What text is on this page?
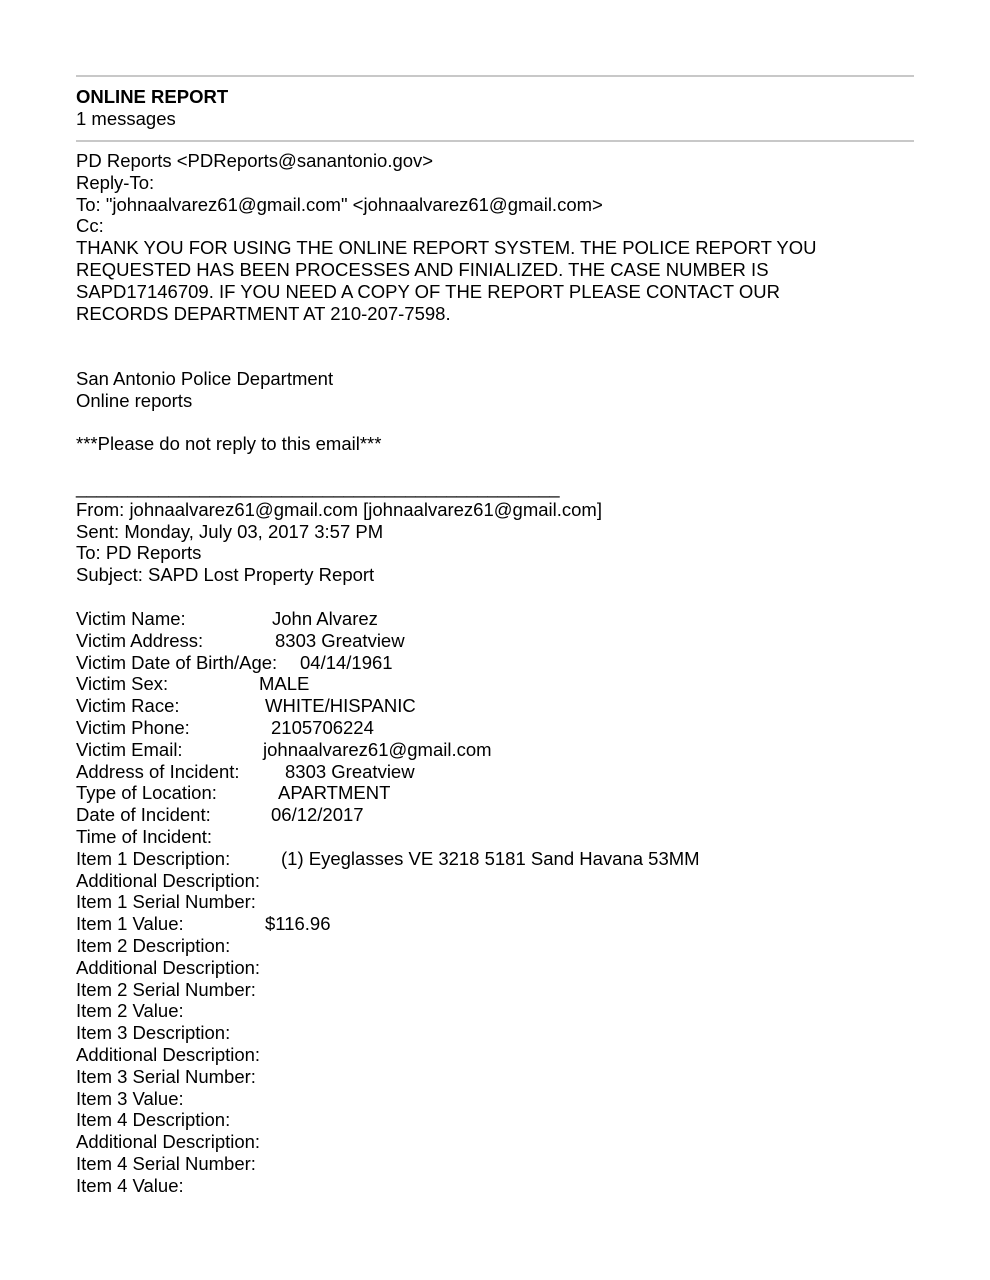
ONLINE REPORT
1 messages
PD Reports <PDReports@sanantonio.gov>
Reply-To:
To: "johnaalvarez61@gmail.com" <johnaalvarez61@gmail.com>
Cc:
THANK YOU FOR USING THE ONLINE REPORT SYSTEM. THE POLICE REPORT YOU
REQUESTED HAS BEEN PROCESSES AND FINIALIZED. THE CASE NUMBER IS
SAPD17146709. IF YOU NEED A COPY OF THE REPORT PLEASE CONTACT OUR
RECORDS DEPARTMENT AT 210-207-7598.
San Antonio Police Department
Online reports
***Please do not reply to this email***
_______________________________________________
From: johnaalvarez61@gmail.com [johnaalvarez61@gmail.com]
Sent: Monday, July 03, 2017 3:57 PM
To: PD Reports
Subject: SAPD Lost Property Report
Victim Name:	John Alvarez
Victim Address:	8303 Greatview
Victim Date of Birth/Age: 04/14/1961
Victim Sex:	MALE
Victim Race:	WHITE/HISPANIC
Victim Phone:	2105706224
Victim Email:	johnaalvarez61@gmail.com
Address of Incident: 8303 Greatview
Type of Location:	APARTMENT
Date of Incident:	06/12/2017
Time of Incident:
Item 1 Description:	(1) Eyeglasses VE 3218 5181 Sand Havana 53MM
Additional Description:
Item 1 Serial Number:
Item 1 Value:	$116.96
Item 2 Description:
Additional Description:
Item 2 Serial Number:
Item 2 Value:
Item 3 Description:
Additional Description:
Item 3 Serial Number:
Item 3 Value:
Item 4 Description:
Additional Description:
Item 4 Serial Number:
Item 4 Value:
